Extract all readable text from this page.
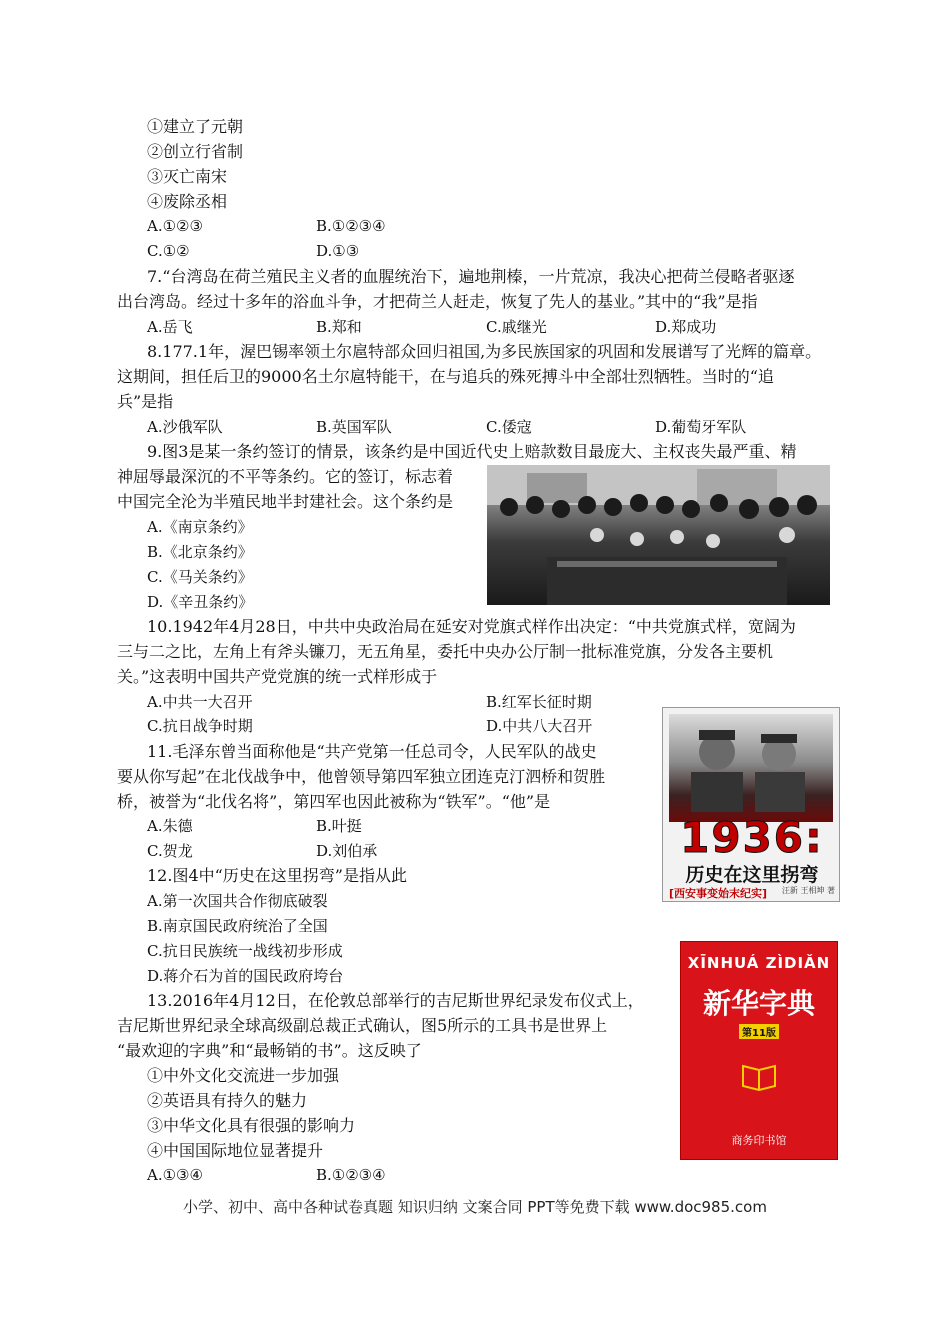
①建立了元朝
②创立行省制
③灭亡南宋
④废除丞相
A.①②③	B.①②③④
C.①②	D.①③
7.“台湾岛在荷兰殖民主义者的血腥统治下，遍地荆榛，一片荒凉，我决心把荷兰侵略者驱逐
出台湾岛。经过十多年的浴血斗争，才把荷兰人赶走，恢复了先人的基业。”其中的“我”是指
A.岳飞	B.郑和	C.戚继光	D.郑成功
8.177.1年，渥巴锡率领土尔扈特部众回归祖国,为多民族国家的巩固和发展谱写了光辉的篇章。
这期间，担任后卫的9000名土尔扈特能干，在与追兵的殊死搏斗中全部壮烈牺牲。当时的“追
兵”是指
A.沙俄军队	B.英国军队	C.倭寇	D.葡萄牙军队
9.图3是某一条约签订的情景，该条约是中国近代史上赔款数目最庞大、主权丧失最严重、精
神屈辱最深沉的不平等条约。它的签订，标志着
中国完全沦为半殖民地半封建社会。这个条约是
A.《南京条约》
B.《北京条约》
C.《马关条约》
D.《辛丑条约》
10.1942年4月28日，中共中央政治局在延安对党旗式样作出决定：“中共党旗式样，宽阔为
三与二之比，左角上有斧头镰刀，无五角星，委托中央办公厅制一批标准党旗，分发各主要机
关。”这表明中国共产党党旗的统一式样形成于
A.中共一大召开	B.红军长征时期
C.抗日战争时期	D.中共八大召开
11.毛泽东曾当面称他是“共产党第一任总司令，人民军队的战史
要从你写起”在北伐战争中，他曾领导第四军独立团连克汀泗桥和贺胜
桥，被誉为“北伐名将”，第四军也因此被称为“铁军”。“他”是
A.朱德	B.叶挺
C.贺龙	D.刘伯承	1936:
历史在这里拐弯
[西安事变始末纪实] 汪新 王相坤 著
12.图4中“历史在这里拐弯”是指从此
A.第一次国共合作彻底破裂
B.南京国民政府统治了全国
C.抗日民族统一战线初步形成
D.蒋介石为首的国民政府垮台
13.2016年4月12日，在伦敦总部举行的吉尼斯世界纪录发布仪式上，
吉尼斯世界纪录全球高级副总裁正式确认，图5所示的工具书是世界上
“最欢迎的字典”和“最畅销的书”。这反映了
①中外文化交流进一步加强
②英语具有持久的魅力
③中华文化具有很强的影响力
④中国国际地位显著提升
A.①③④	B.①②③④
XĪNHUÁ ZÌDIǍN
新华字典
第11版
商务印书馆
小学、初中、高中各种试卷真题 知识归纳 文案合同 PPT等免费下载 www.doc985.com
